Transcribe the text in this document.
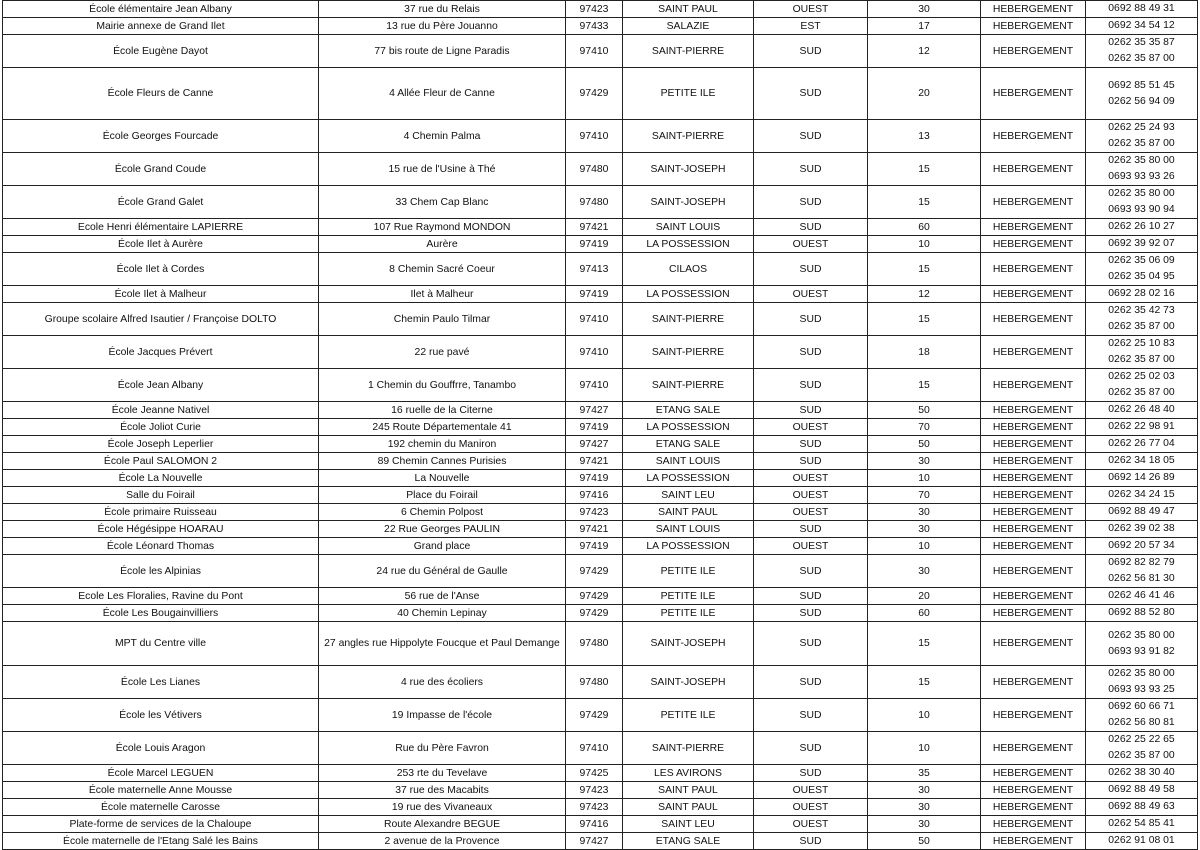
École élémentaire Jean Albany	37 rue du Relais	97423	SAINT PAUL	OUEST	30	HEBERGEMENT	0692 88 49 31

Mairie annexe de Grand Ilet	13 rue du Père Jouanno	97433	SALAZIE	EST	17	HEBERGEMENT	0692 34 54 12

École Eugène Dayot	77 bis route de Ligne Paradis	97410	SAINT-PIERRE	SUD	12	HEBERGEMENT	0262 35 35 87
0262 35 87 00

École Fleurs de Canne	4 Allée Fleur de Canne	97429	PETITE ILE	SUD	20	HEBERGEMENT	0692 85 51 45
0262 56 94 09

École Georges Fourcade	4 Chemin Palma	97410	SAINT-PIERRE	SUD	13	HEBERGEMENT	0262 25 24 93
0262 35 87 00

École Grand Coude	15 rue de l'Usine à Thé	97480	SAINT-JOSEPH	SUD	15	HEBERGEMENT	0262 35 80 00
0693 93 93 26

École Grand Galet	33 Chem Cap Blanc	97480	SAINT-JOSEPH	SUD	15	HEBERGEMENT	0262 35 80 00
0693 93 90 94

Ecole Henri élémentaire LAPIERRE	107 Rue Raymond MONDON	97421	SAINT LOUIS	SUD	60	HEBERGEMENT	0262 26 10 27

École Ilet à Aurère	Aurère	97419	LA POSSESSION	OUEST	10	HEBERGEMENT	0692 39 92 07

École Ilet à Cordes	8 Chemin Sacré Coeur	97413	CILAOS	SUD	15	HEBERGEMENT	0262 35 06 09
0262 35 04 95

École Ilet à Malheur	Ilet à Malheur	97419	LA POSSESSION	OUEST	12	HEBERGEMENT	0692 28 02 16

Groupe scolaire Alfred Isautier / Françoise DOLTO	Chemin Paulo Tilmar	97410	SAINT-PIERRE	SUD	15	HEBERGEMENT	0262 35 42 73
0262 35 87 00

École Jacques Prévert	22 rue pavé	97410	SAINT-PIERRE	SUD	18	HEBERGEMENT	0262 25 10 83
0262 35 87 00

École Jean Albany	1 Chemin du Gouffrre, Tanambo	97410	SAINT-PIERRE	SUD	15	HEBERGEMENT	0262 25 02 03
0262 35 87 00

École Jeanne Nativel	16 ruelle de la Citerne	97427	ETANG SALE	SUD	50	HEBERGEMENT	0262 26 48 40

École Joliot Curie	245 Route Départementale 41	97419	LA POSSESSION	OUEST	70	HEBERGEMENT	0262 22 98 91

École Joseph Leperlier	192 chemin du Maniron	97427	ETANG SALE	SUD	50	HEBERGEMENT	0262 26 77 04

École Paul SALOMON 2	89 Chemin Cannes Purisies	97421	SAINT LOUIS	SUD	30	HEBERGEMENT	0262 34 18 05

École La Nouvelle	La Nouvelle	97419	LA POSSESSION	OUEST	10	HEBERGEMENT	0692 14 26 89

Salle du Foirail	Place du Foirail	97416	SAINT LEU	OUEST	70	HEBERGEMENT	0262 34 24 15

École primaire Ruisseau	6 Chemin Polpost	97423	SAINT PAUL	OUEST	30	HEBERGEMENT	0692 88 49 47

École Hégésippe HOARAU	22 Rue Georges PAULIN	97421	SAINT LOUIS	SUD	30	HEBERGEMENT	0262 39 02 38

École Léonard Thomas	Grand place	97419	LA POSSESSION	OUEST	10	HEBERGEMENT	0692 20 57 34

École les Alpinias	24 rue du Général de Gaulle	97429	PETITE ILE	SUD	30	HEBERGEMENT	0692 82 82 79
0262 56 81 30

Ecole Les Floralies, Ravine du Pont	56 rue de l'Anse	97429	PETITE ILE	SUD	20	HEBERGEMENT	0262 46 41 46

École Les Bougainvilliers	40 Chemin Lepinay	97429	PETITE ILE	SUD	60	HEBERGEMENT	0692 88 52 80

MPT du Centre ville	27 angles rue Hippolyte Foucque et Paul Demange	97480	SAINT-JOSEPH	SUD	15	HEBERGEMENT	0262 35 80 00
0693 93 91 82

École Les Lianes	4 rue des écoliers	97480	SAINT-JOSEPH	SUD	15	HEBERGEMENT	0262 35 80 00
0693 93 93 25

École les Vétivers	19 Impasse de l'école	97429	PETITE ILE	SUD	10	HEBERGEMENT	0692 60 66 71
0262 56 80 81

École Louis Aragon	Rue du Père Favron	97410	SAINT-PIERRE	SUD	10	HEBERGEMENT	0262 25 22 65
0262 35 87 00

École Marcel LEGUEN	253 rte du Tevelave	97425	LES AVIRONS	SUD	35	HEBERGEMENT	0262 38 30 40

École maternelle Anne Mousse	37 rue des Macabits	97423	SAINT PAUL	OUEST	30	HEBERGEMENT	0692 88 49 58

École maternelle Carosse	19 rue des Vivaneaux	97423	SAINT PAUL	OUEST	30	HEBERGEMENT	0692 88 49 63

Plate-forme de services de la Chaloupe	Route Alexandre BEGUE	97416	SAINT LEU	OUEST	30	HEBERGEMENT	0262 54 85 41

École maternelle de l'Etang Salé les Bains	2 avenue de la Provence	97427	ETANG SALE	SUD	50	HEBERGEMENT	0262 91 08 01
